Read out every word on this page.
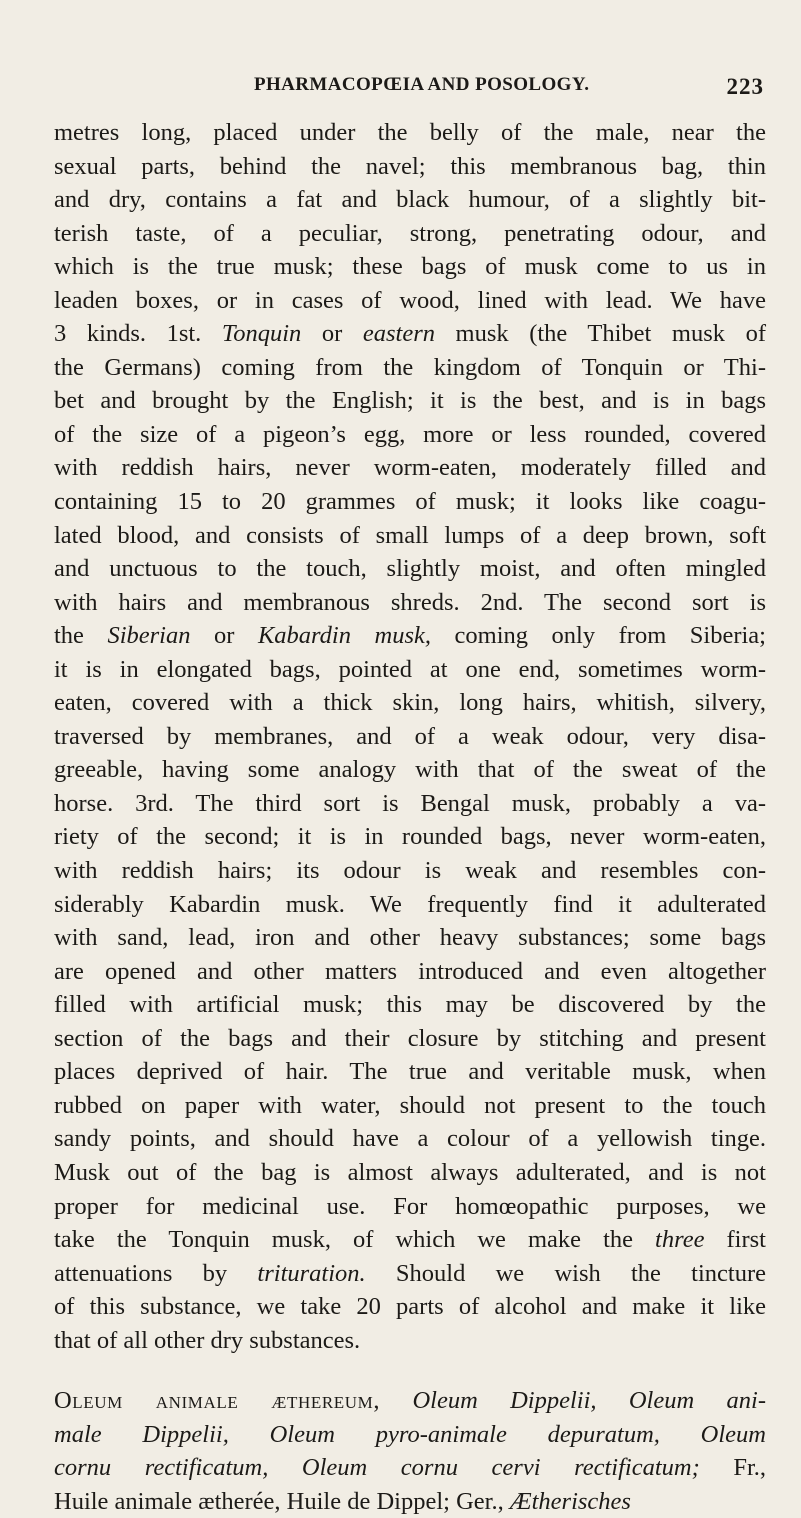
PHARMACOPŒIA AND POSOLOGY.	223
metres long, placed under the belly of the male, near the
sexual parts, behind the navel; this membranous bag, thin
and dry, contains a fat and black humour, of a slightly bit-
terish taste, of a peculiar, strong, penetrating odour, and
which is the true musk; these bags of musk come to us in
leaden boxes, or in cases of wood, lined with lead. We have
3 kinds. 1st. Tonquin or eastern musk (the Thibet musk of
the Germans) coming from the kingdom of Tonquin or Thi-
bet and brought by the English; it is the best, and is in bags
of the size of a pigeon’s egg, more or less rounded, covered
with reddish hairs, never worm-eaten, moderately filled and
containing 15 to 20 grammes of musk; it looks like coagu-
lated blood, and consists of small lumps of a deep brown, soft
and unctuous to the touch, slightly moist, and often mingled
with hairs and membranous shreds. 2nd. The second sort is
the Siberian or Kabardin musk, coming only from Siberia;
it is in elongated bags, pointed at one end, sometimes worm-
eaten, covered with a thick skin, long hairs, whitish, silvery,
traversed by membranes, and of a weak odour, very disa-
greeable, having some analogy with that of the sweat of the
horse. 3rd. The third sort is Bengal musk, probably a va-
riety of the second; it is in rounded bags, never worm-eaten,
with reddish hairs; its odour is weak and resembles con-
siderably Kabardin musk. We frequently find it adulterated
with sand, lead, iron and other heavy substances; some bags
are opened and other matters introduced and even altogether
filled with artificial musk; this may be discovered by the
section of the bags and their closure by stitching and present
places deprived of hair. The true and veritable musk, when
rubbed on paper with water, should not present to the touch
sandy points, and should have a colour of a yellowish tinge.
Musk out of the bag is almost always adulterated, and is not
proper for medicinal use. For homœopathic purposes, we
take the Tonquin musk, of which we make the three first
attenuations by trituration. Should we wish the tincture
of this substance, we take 20 parts of alcohol and make it like
that of all other dry substances.
Oleum animale æthereum, Oleum Dippelii, Oleum ani-
male Dippelii, Oleum pyro-animale depuratum, Oleum
cornu rectificatum, Oleum cornu cervi rectificatum; Fr.,
Huile animale ætherée, Huile de Dippel; Ger., Ætherisches
